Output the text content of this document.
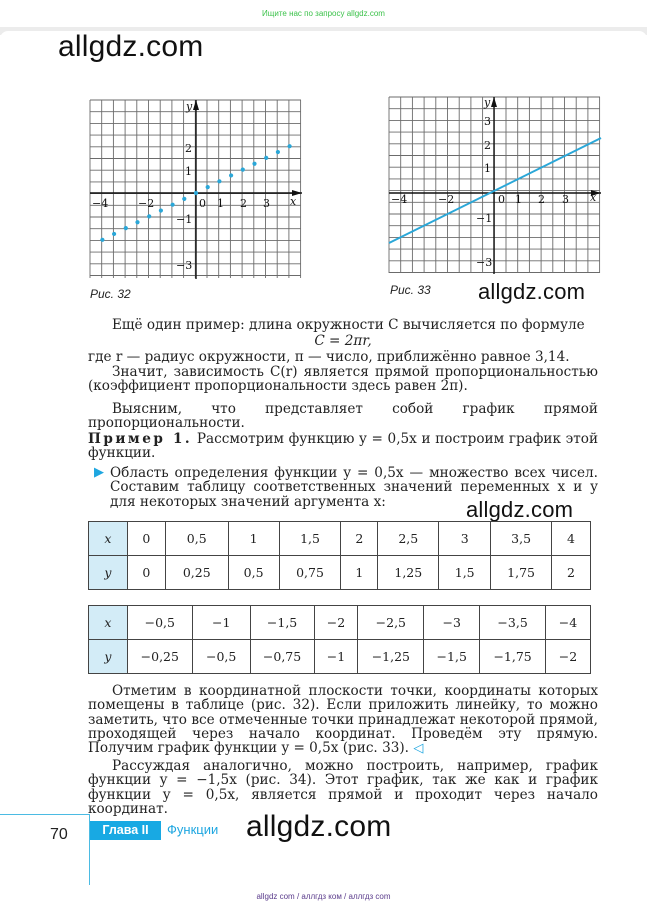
Ищите нас по запросу allgdz.com
allgdz.com
−4	−2	0 1 2 3 x
y
2
1
−1
−3
Рис. 32
−4	−2	0 1 2 3 x
y
3
2
1
−1
−3
Рис. 33 allgdz.com
Ещё один пример: длина окружности C вычисляется по формуле
C = 2πr,
где r — радиус окружности, π — число, приближённо равное 3,14.
Значит, зависимость C(r) является прямой пропорциональностью (коэффициент пропорциональности здесь равен 2π).
Выясним, что представляет собой график прямой пропорциональности.
Пример 1. Рассмотрим функцию y = 0,5x и построим график этой функции.
▶ Область определения функции y = 0,5x — множество всех чисел. Составим таблицу соответственных значений переменных x и y для некоторых значений аргумента x:	allgdz.com
x	0	0,5	1	1,5	2	2,5	3	3,5	4
y	0	0,25	0,5	0,75	1	1,25	1,5	1,75	2
x	−0,5	−1	−1,5	−2	−2,5	−3	−3,5	−4
y	−0,25	−0,5	−0,75	−1	−1,25	−1,5	−1,75	−2
Отметим в координатной плоскости точки, координаты которых помещены в таблице (рис. 32). Если приложить линейку, то можно заметить, что все отмеченные точки принадлежат некоторой прямой, проходящей через начало координат. Проведём эту прямую. Получим график функции y = 0,5x (рис. 33). ◁
Рассуждая аналогично, можно построить, например, график функции y = −1,5x (рис. 34). Этот график, так же как и график функции y = 0,5x, является прямой и проходит через начало координат.
70	Глава II	Функции allgdz.com
allgdz com / аллгдз ком / аллгдз com
